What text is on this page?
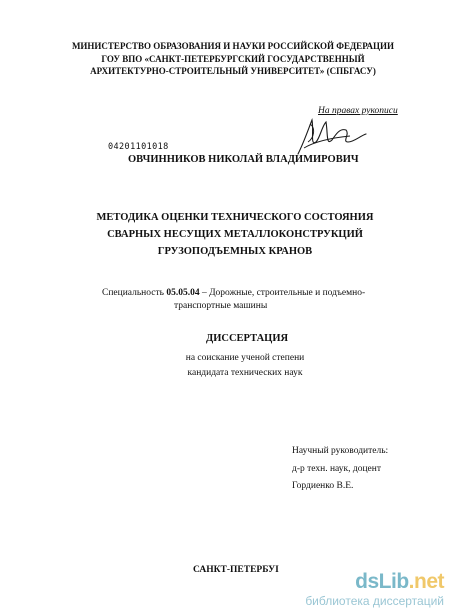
МИНИСТЕРСТВО ОБРАЗОВАНИЯ И НАУКИ РОССИЙСКОЙ ФЕДЕРАЦИИ
ГОУ ВПО «САНКТ-ПЕТЕРБУРГСКИЙ ГОСУДАРСТВЕННЫЙ
АРХИТЕКТУРНО-СТРОИТЕЛЬНЫЙ УНИВЕРСИТЕТ» (СПБГАСУ)
На правах рукописи
04201101018
ОВЧИННИКОВ НИКОЛАЙ ВЛАДИМИРОВИЧ
МЕТОДИКА ОЦЕНКИ ТЕХНИЧЕСКОГО СОСТОЯНИЯ
СВАРНЫХ НЕСУЩИХ МЕТАЛЛОКОНСТРУКЦИЙ
ГРУЗОПОДЪЕМНЫХ КРАНОВ
Специальность 05.05.04 – Дорожные, строительные и подъемно-
транспортные машины
ДИССЕРТАЦИЯ
на соискание ученой степени
кандидата технических наук
Научный руководитель:
д-р техн. наук, доцент
Гордиенко В.Е.
САНКТ-ПЕТЕРБУІ	dsLib.net
библиотека диссертаций
